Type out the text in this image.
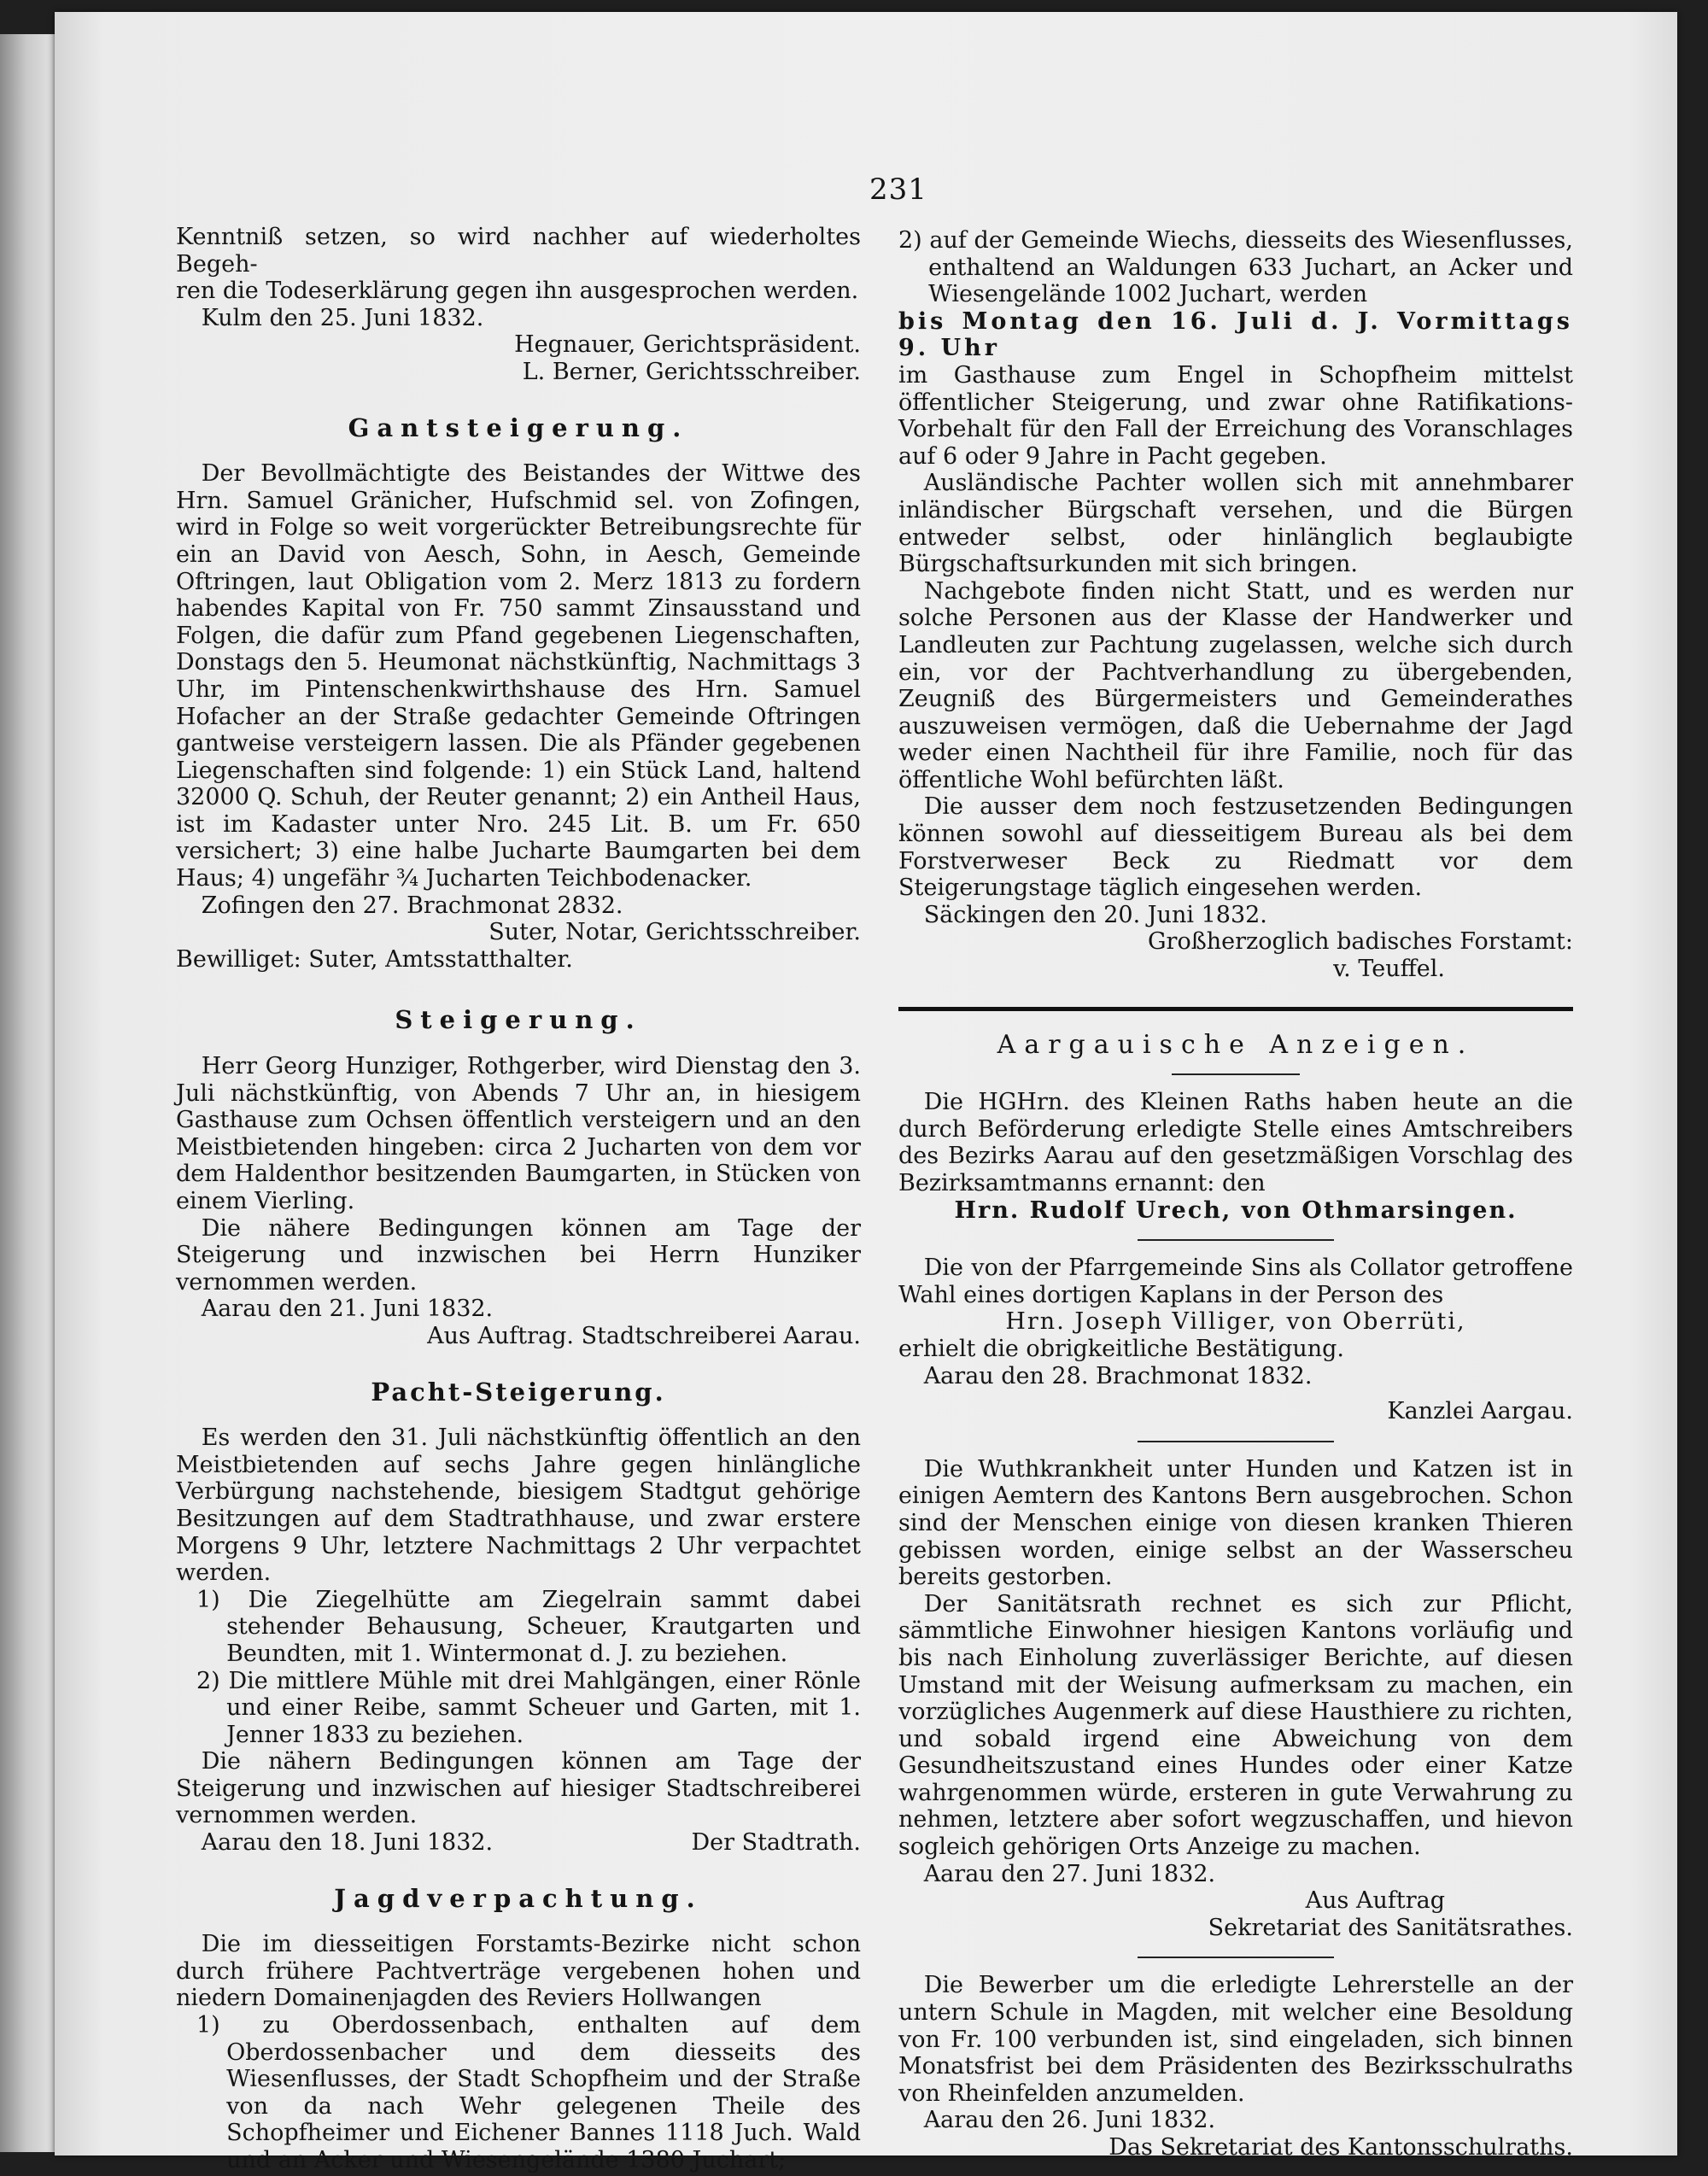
231

Kenntniß setzen, so wird nachher auf wiederholtes Begeh-

ren die Todeserklärung gegen ihn ausgesprochen werden.

Kulm den 25. Juni 1832.

Hegnauer, Gerichtspräsident.

L. Berner, Gerichtsschreiber.

Gantsteigerung.

Der Bevollmächtigte des Beistandes der Wittwe des Hrn. Samuel Gränicher, Hufschmid sel. von Zofingen, wird in Folge so weit vorgerückter Betreibungsrechte für ein an David von Aesch, Sohn, in Aesch, Gemeinde Oftringen, laut Obligation vom 2. Merz 1813 zu fordern habendes Kapital von Fr. 750 sammt Zinsausstand und Folgen, die dafür zum Pfand gegebenen Liegenschaften, Donstags den 5. Heumonat nächstkünftig, Nachmittags 3 Uhr, im Pintenschenkwirthshause des Hrn. Samuel Hofacher an der Straße gedachter Gemeinde Oftringen gantweise versteigern lassen. Die als Pfänder gegebenen Liegenschaften sind folgende: 1) ein Stück Land, haltend 32000 Q. Schuh, der Reuter genannt; 2) ein Antheil Haus, ist im Kadaster unter Nro. 245 Lit. B. um Fr. 650 versichert; 3) eine halbe Jucharte Baumgarten bei dem Haus; 4) ungefähr ¾ Jucharten Teichbodenacker.

Zofingen den 27. Brachmonat 2832.

Suter, Notar, Gerichtsschreiber.

Bewilliget: Suter, Amtsstatthalter.

Steigerung.

Herr Georg Hunziger, Rothgerber, wird Dienstag den 3. Juli nächstkünftig, von Abends 7 Uhr an, in hiesigem Gasthause zum Ochsen öffentlich versteigern und an den Meistbietenden hingeben: circa 2 Jucharten von dem vor dem Haldenthor besitzenden Baumgarten, in Stücken von einem Vierling.

Die nähere Bedingungen können am Tage der Steigerung und inzwischen bei Herrn Hunziker vernommen werden.

Aarau den 21. Juni 1832.

Aus Auftrag. Stadtschreiberei Aarau.

Pacht-Steigerung.

Es werden den 31. Juli nächstkünftig öffentlich an den Meistbietenden auf sechs Jahre gegen hinlängliche Verbürgung nachstehende, biesigem Stadtgut gehörige Besitzungen auf dem Stadtrathhause, und zwar erstere Morgens 9 Uhr, letztere Nachmittags 2 Uhr verpachtet werden.

1) Die Ziegelhütte am Ziegelrain sammt dabei stehender Behausung, Scheuer, Krautgarten und Beundten, mit 1. Wintermonat d. J. zu beziehen.

2) Die mittlere Mühle mit drei Mahlgängen, einer Rönle und einer Reibe, sammt Scheuer und Garten, mit 1. Jenner 1833 zu beziehen.

Die nähern Bedingungen können am Tage der Steigerung und inzwischen auf hiesiger Stadtschreiberei vernommen werden.

Aarau den 18. Juni 1832.	Der Stadtrath.
Jagdverpachtung.

Die im diesseitigen Forstamts-Bezirke nicht schon durch frühere Pachtverträge vergebenen hohen und niedern Domainenjagden des Reviers Hollwangen

1) zu Oberdossenbach, enthalten auf dem Oberdossenbacher und dem diesseits des Wiesenflusses, der Stadt Schopfheim und der Straße von da nach Wehr gelegenen Theile des Schopfheimer und Eichener Bannes 1118 Juch. Wald und an Acker und Wiesengelände 1380 Juchart;

2) auf der Gemeinde Wiechs, diesseits des Wiesenflusses, enthaltend an Waldungen 633 Juchart, an Acker und Wiesengelände 1002 Juchart, werden

bis Montag den 16. Juli d. J. Vormittags 9. Uhr

im Gasthause zum Engel in Schopfheim mittelst öffentlicher Steigerung, und zwar ohne Ratifikations-Vorbehalt für den Fall der Erreichung des Voranschlages auf 6 oder 9 Jahre in Pacht gegeben.

Ausländische Pachter wollen sich mit annehmbarer inländischer Bürgschaft versehen, und die Bürgen entweder selbst, oder hinlänglich beglaubigte Bürgschaftsurkunden mit sich bringen.

Nachgebote finden nicht Statt, und es werden nur solche Personen aus der Klasse der Handwerker und Landleuten zur Pachtung zugelassen, welche sich durch ein, vor der Pachtverhandlung zu übergebenden, Zeugniß des Bürgermeisters und Gemeinderathes auszuweisen vermögen, daß die Uebernahme der Jagd weder einen Nachtheil für ihre Familie, noch für das öffentliche Wohl befürchten läßt.

Die ausser dem noch festzusetzenden Bedingungen können sowohl auf diesseitigem Bureau als bei dem Forstverweser Beck zu Riedmatt vor dem Steigerungstage täglich eingesehen werden.

Säckingen den 20. Juni 1832.

Großherzoglich badisches Forstamt:

v. Teuffel.

Aargauische Anzeigen.

Die HGHrn. des Kleinen Raths haben heute an die durch Beförderung erledigte Stelle eines Amtschreibers des Bezirks Aarau auf den gesetzmäßigen Vorschlag des Bezirksamtmanns ernannt: den

Hrn. Rudolf Urech, von Othmarsingen.

Die von der Pfarrgemeinde Sins als Collator getroffene Wahl eines dortigen Kaplans in der Person des

Hrn. Joseph Villiger, von Oberrüti,

erhielt die obrigkeitliche Bestätigung.

Aarau den 28. Brachmonat 1832.

Kanzlei Aargau.

Die Wuthkrankheit unter Hunden und Katzen ist in einigen Aemtern des Kantons Bern ausgebrochen. Schon sind der Menschen einige von diesen kranken Thieren gebissen worden, einige selbst an der Wasserscheu bereits gestorben.

Der Sanitätsrath rechnet es sich zur Pflicht, sämmtliche Einwohner hiesigen Kantons vorläufig und bis nach Einholung zuverlässiger Berichte, auf diesen Umstand mit der Weisung aufmerksam zu machen, ein vorzügliches Augenmerk auf diese Hausthiere zu richten, und sobald irgend eine Abweichung von dem Gesundheitszustand eines Hundes oder einer Katze wahrgenommen würde, ersteren in gute Verwahrung zu nehmen, letztere aber sofort wegzuschaffen, und hievon sogleich gehörigen Orts Anzeige zu machen.

Aarau den 27. Juni 1832.

Aus Auftrag

Sekretariat des Sanitätsrathes.

Die Bewerber um die erledigte Lehrerstelle an der untern Schule in Magden, mit welcher eine Besoldung von Fr. 100 verbunden ist, sind eingeladen, sich binnen Monatsfrist bei dem Präsidenten des Bezirksschulraths von Rheinfelden anzumelden.

Aarau den 26. Juni 1832.

Das Sekretariat des Kantonsschulraths.
